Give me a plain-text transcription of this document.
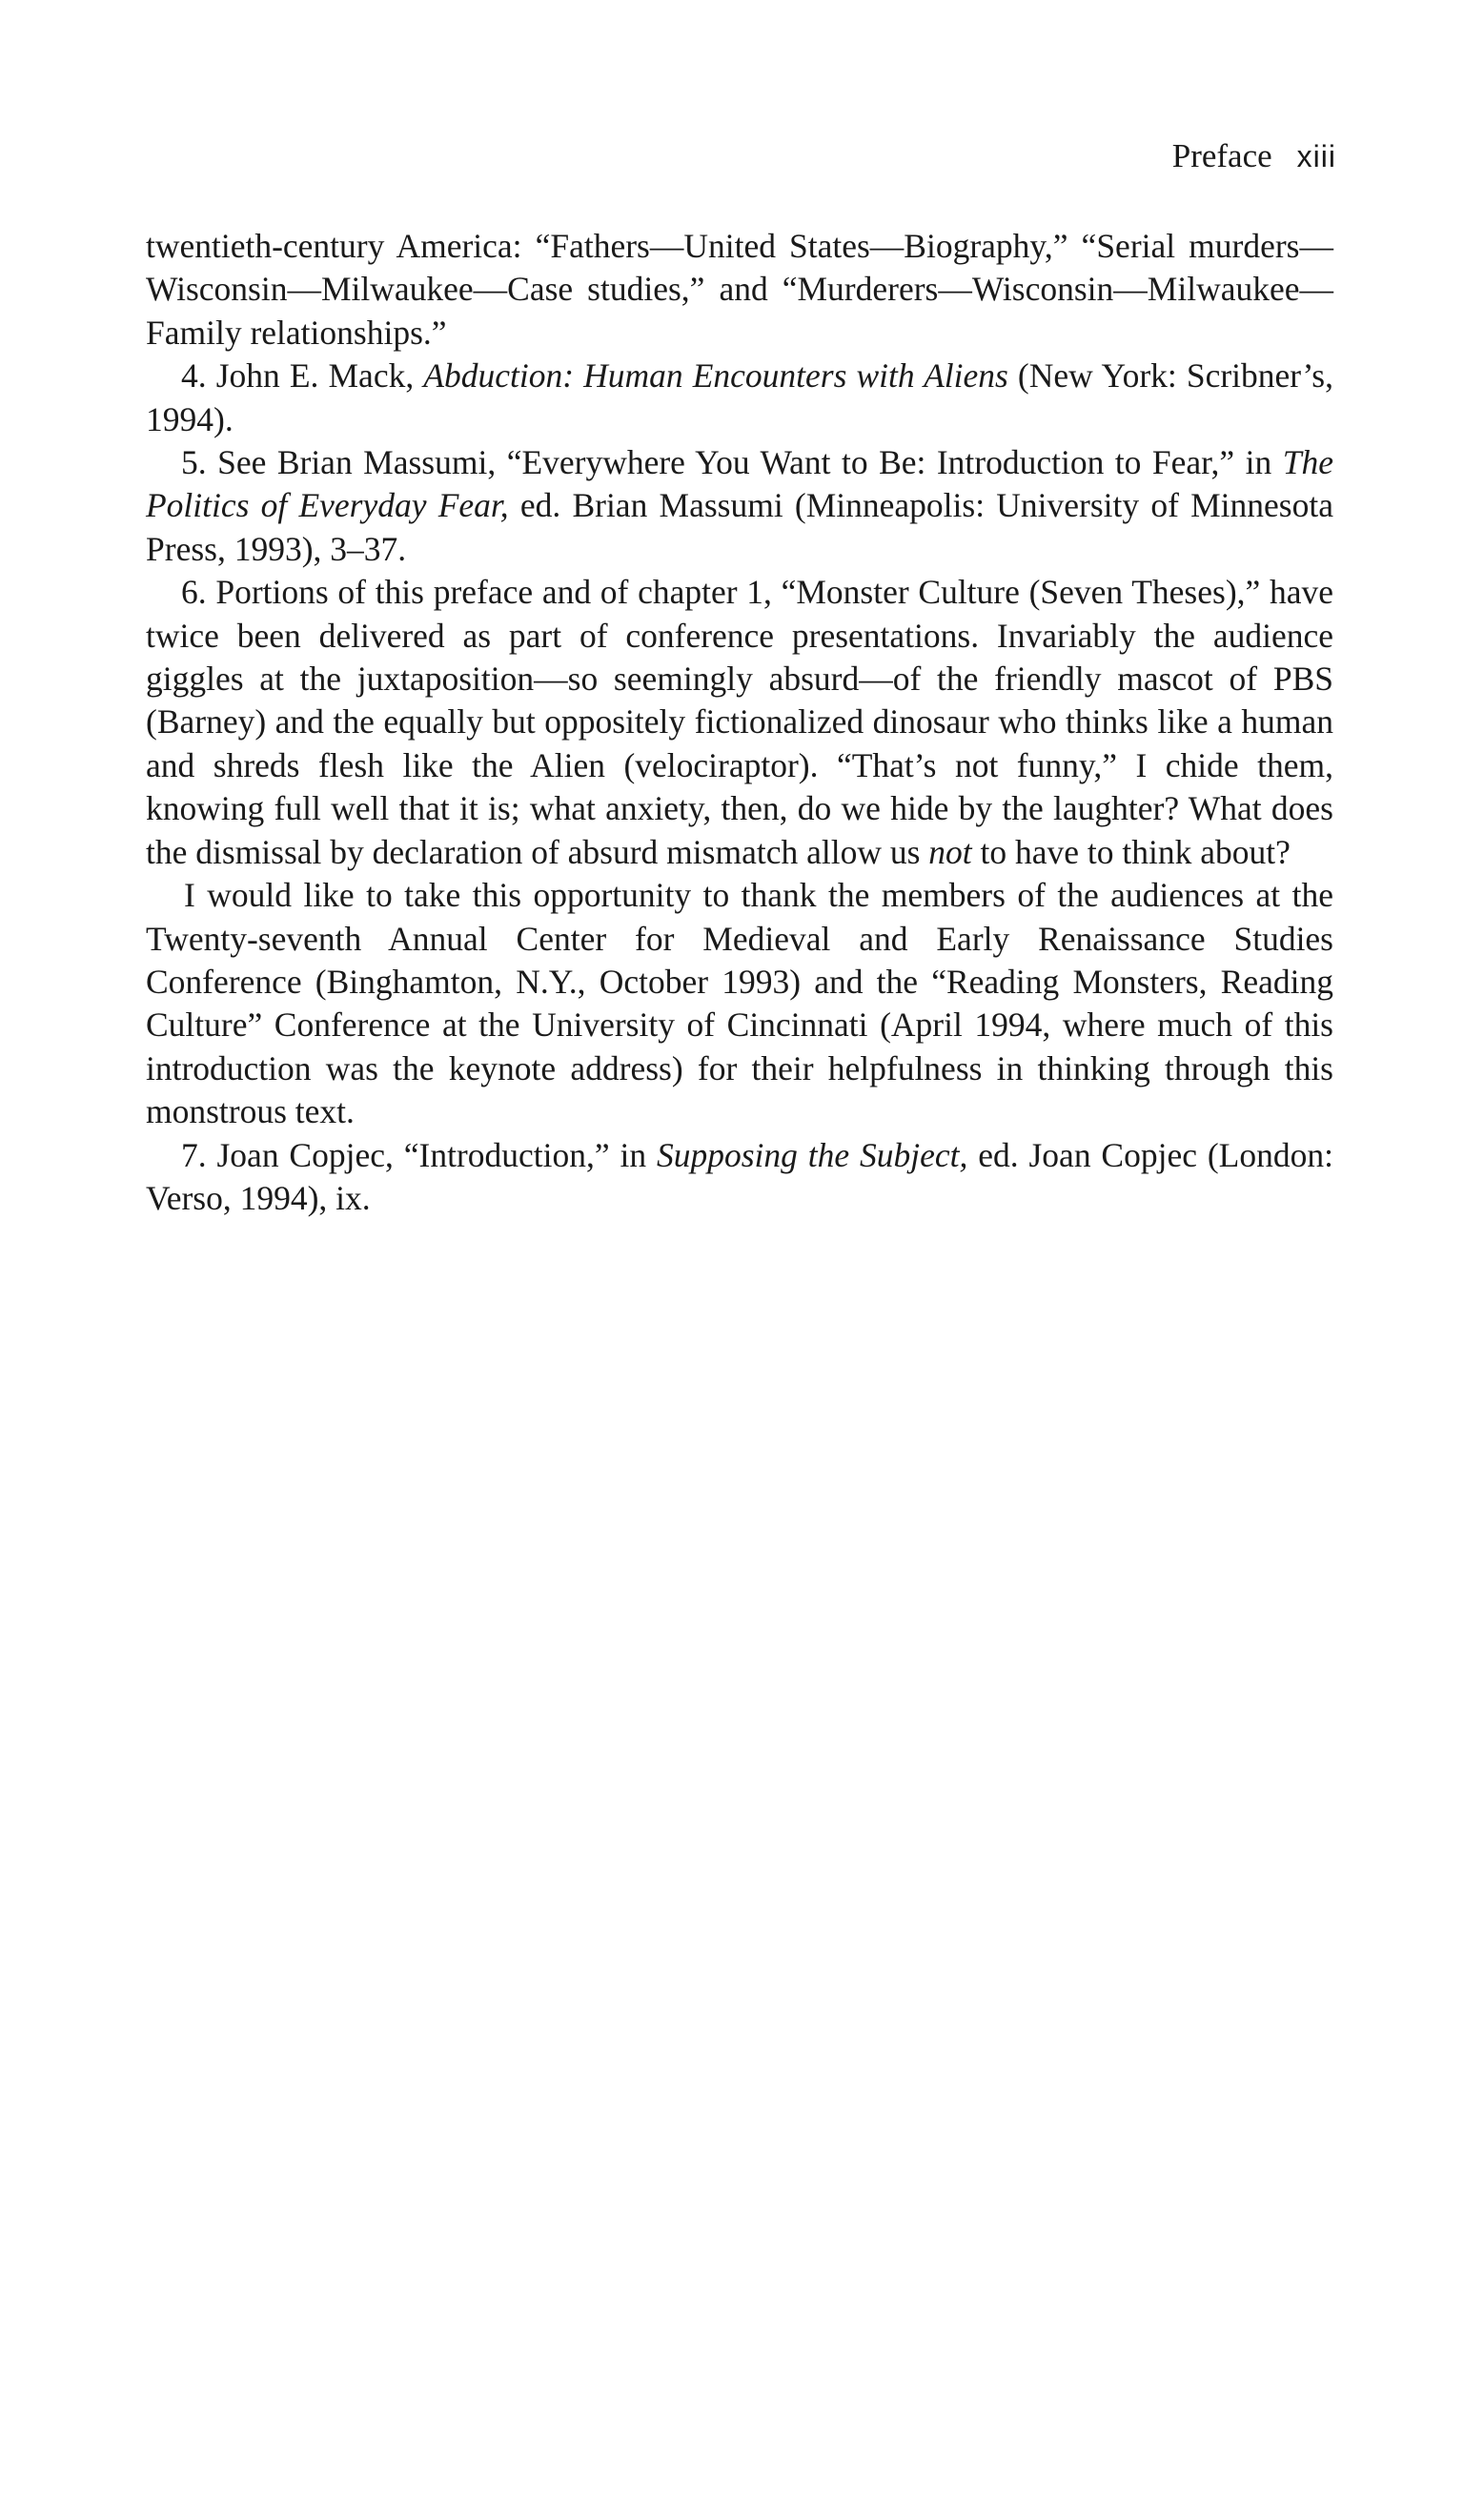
Preface xiii

twentieth-century America: “Fathers—United States—Biography,” “Serial murders—Wisconsin—Milwaukee—Case studies,” and “Murderers—Wisconsin—Milwaukee—Family relationships.”

4. John E. Mack, Abduction: Human Encounters with Aliens (New York: Scribner’s, 1994).

5. See Brian Massumi, “Everywhere You Want to Be: Introduction to Fear,” in The Politics of Everyday Fear, ed. Brian Massumi (Minneapolis: University of Minnesota Press, 1993), 3–37.

6. Portions of this preface and of chapter 1, “Monster Culture (Seven Theses),” have twice been delivered as part of conference presentations. Invariably the audience giggles at the juxtaposition—so seemingly absurd—of the friendly mascot of PBS (Barney) and the equally but oppositely fictionalized dinosaur who thinks like a human and shreds flesh like the Alien (velociraptor). “That’s not funny,” I chide them, knowing full well that it is; what anxiety, then, do we hide by the laughter? What does the dismissal by declaration of absurd mismatch allow us not to have to think about?

I would like to take this opportunity to thank the members of the audiences at the Twenty-seventh Annual Center for Medieval and Early Renaissance Studies Conference (Binghamton, N.Y., October 1993) and the “Reading Monsters, Reading Culture” Conference at the University of Cincinnati (April 1994, where much of this introduction was the keynote address) for their helpfulness in thinking through this monstrous text.

7. Joan Copjec, “Introduction,” in Supposing the Subject, ed. Joan Copjec (London: Verso, 1994), ix.
